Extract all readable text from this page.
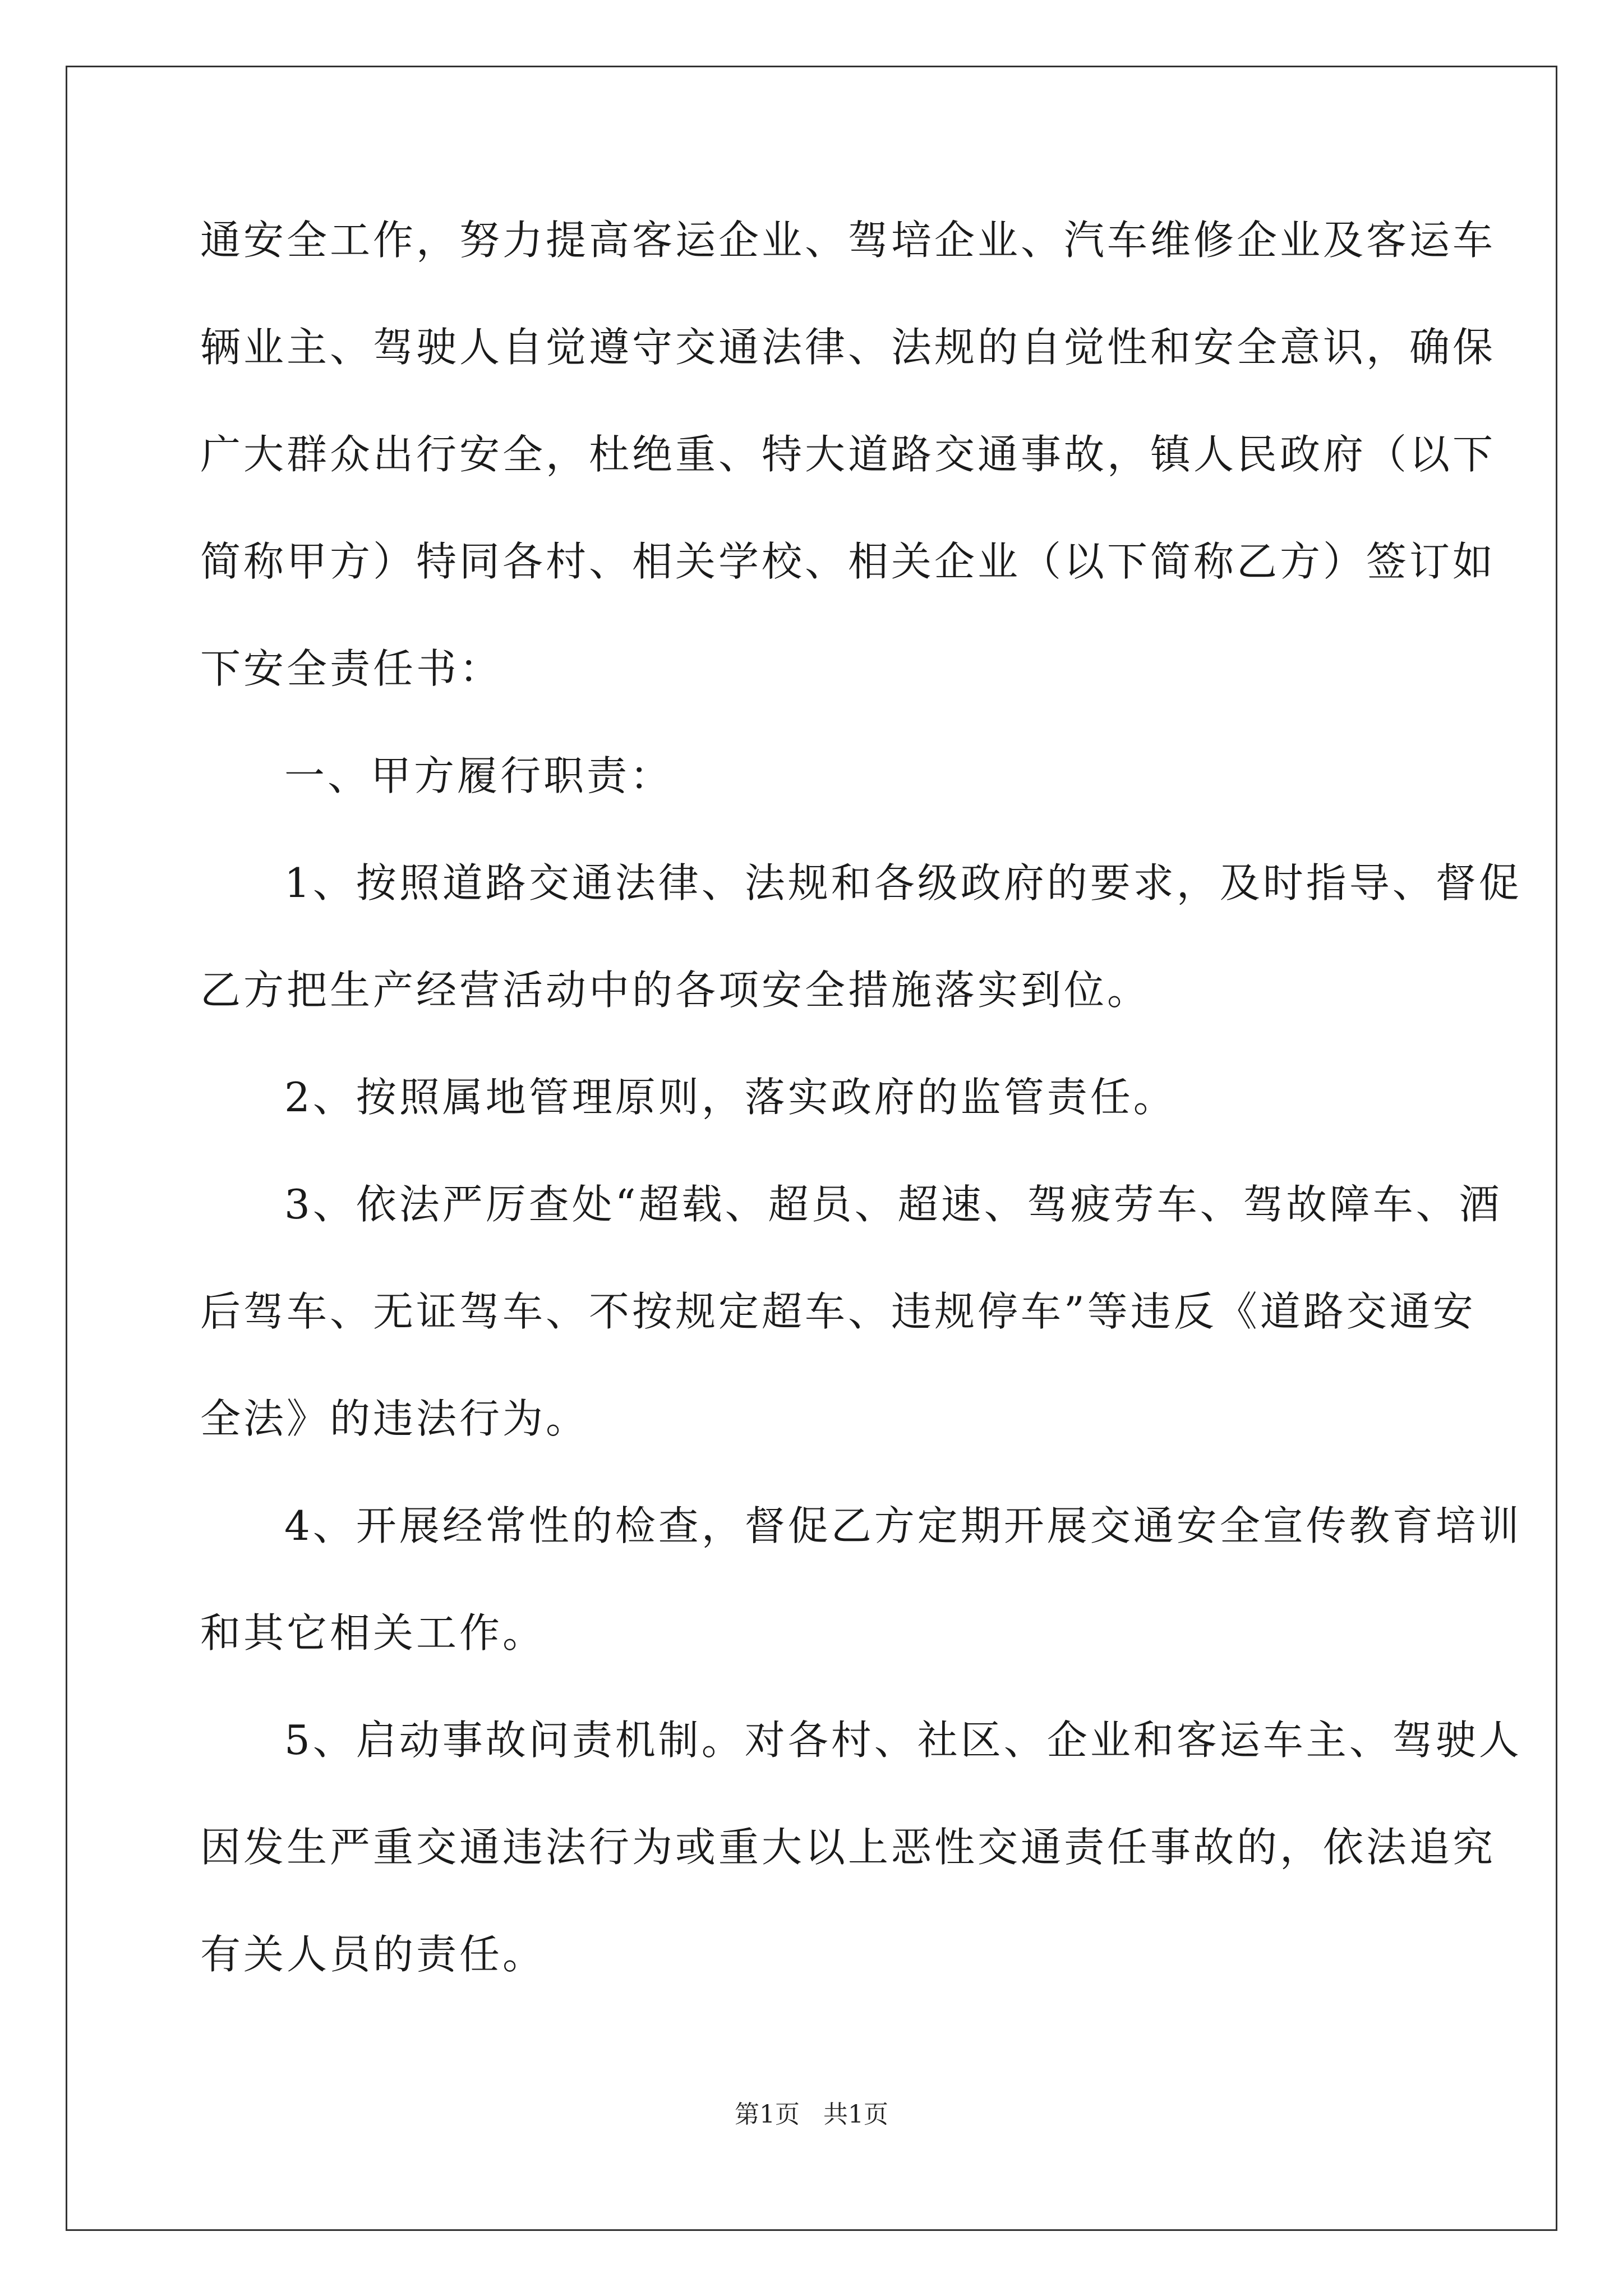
通安全工作，努力提高客运企业、驾培企业、汽车维修企业及客运车
辆业主、驾驶人自觉遵守交通法律、法规的自觉性和安全意识，确保
广大群众出行安全，杜绝重、特大道路交通事故，镇人民政府（以下
简称甲方）特同各村、相关学校、相关企业（以下简称乙方）签订如
下安全责任书：
一、甲方履行职责：
1、按照道路交通法律、法规和各级政府的要求，及时指导、督促
乙方把生产经营活动中的各项安全措施落实到位。
2、按照属地管理原则，落实政府的监管责任。
3、依法严厉查处“超载、超员、超速、驾疲劳车、驾故障车、酒
后驾车、无证驾车、不按规定超车、违规停车”等违反《道路交通安
全法》的违法行为。
4、开展经常性的检查，督促乙方定期开展交通安全宣传教育培训
和其它相关工作。
5、启动事故问责机制。对各村、社区、企业和客运车主、驾驶人
因发生严重交通违法行为或重大以上恶性交通责任事故的，依法追究
有关人员的责任。
第1页   共1页
